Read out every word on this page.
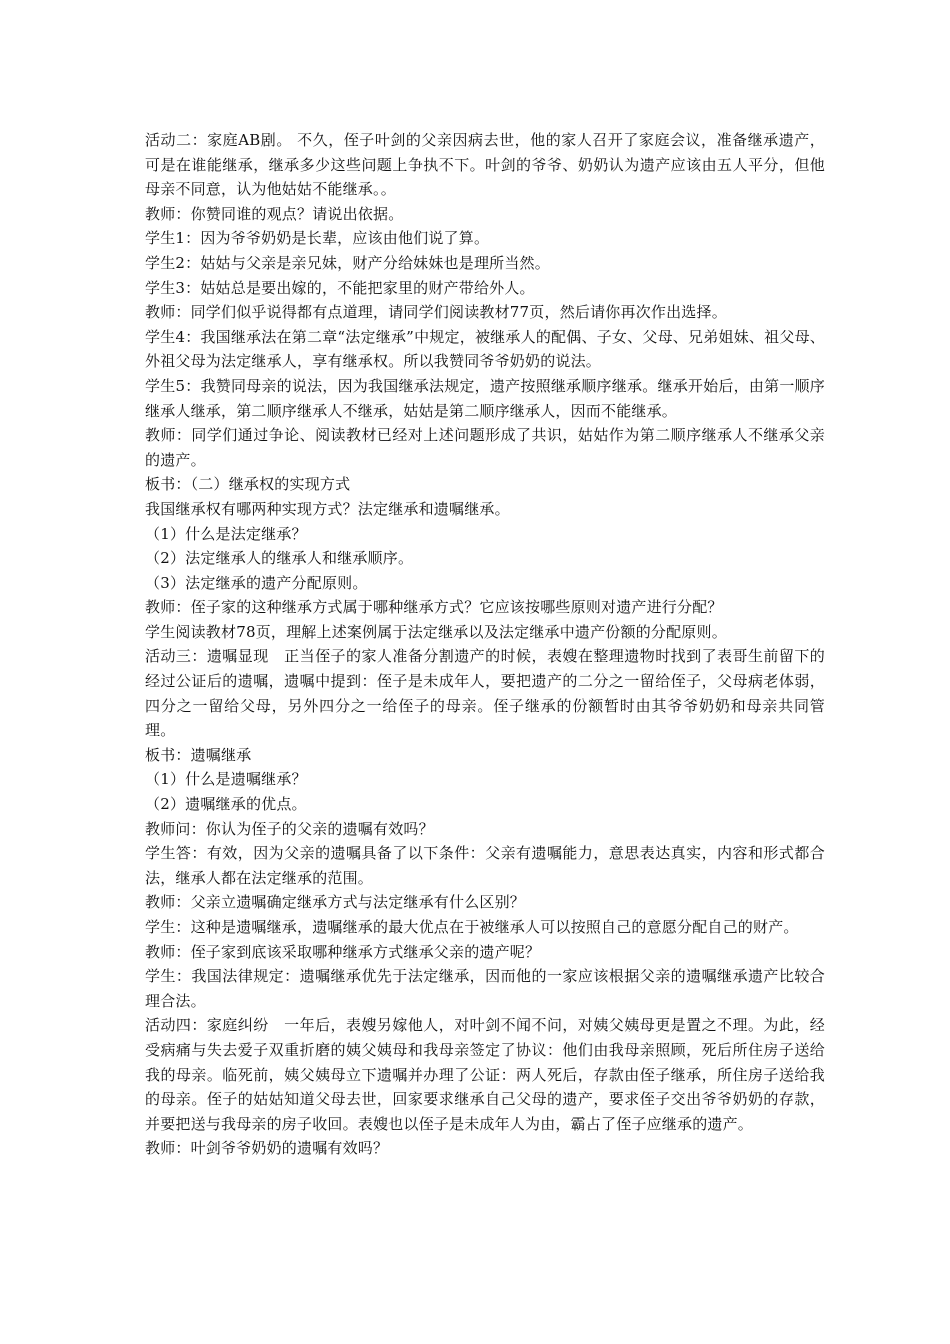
活动二：家庭AB剧。 不久，侄子叶剑的父亲因病去世，他的家人召开了家庭会议，准备继承遗产，可是在谁能继承，继承多少这些问题上争执不下。叶剑的爷爷、奶奶认为遗产应该由五人平分，但他母亲不同意，认为他姑姑不能继承。。

教师：你赞同谁的观点？请说出依据。

学生1：因为爷爷奶奶是长辈，应该由他们说了算。

学生2：姑姑与父亲是亲兄妹，财产分给妹妹也是理所当然。

学生3：姑姑总是要出嫁的，不能把家里的财产带给外人。

教师：同学们似乎说得都有点道理，请同学们阅读教材77页，然后请你再次作出选择。

学生4：我国继承法在第二章“法定继承”中规定，被继承人的配偶、子女、父母、兄弟姐妹、祖父母、外祖父母为法定继承人，享有继承权。所以我赞同爷爷奶奶的说法。

学生5：我赞同母亲的说法，因为我国继承法规定，遗产按照继承顺序继承。继承开始后，由第一顺序继承人继承，第二顺序继承人不继承，姑姑是第二顺序继承人，因而不能继承。

教师：同学们通过争论、阅读教材已经对上述问题形成了共识，姑姑作为第二顺序继承人不继承父亲的遗产。

板书：（二）继承权的实现方式

我国继承权有哪两种实现方式？法定继承和遗嘱继承。

（1）什么是法定继承？

（2）法定继承人的继承人和继承顺序。

（3）法定继承的遗产分配原则。

教师：侄子家的这种继承方式属于哪种继承方式？它应该按哪些原则对遗产进行分配？

学生阅读教材78页，理解上述案例属于法定继承以及法定继承中遗产份额的分配原则。

活动三：遗嘱显现　正当侄子的家人准备分割遗产的时候，表嫂在整理遗物时找到了表哥生前留下的经过公证后的遗嘱，遗嘱中提到：侄子是未成年人，要把遗产的二分之一留给侄子，父母病老体弱，四分之一留给父母，另外四分之一给侄子的母亲。侄子继承的份额暂时由其爷爷奶奶和母亲共同管理。

板书：遗嘱继承

（1）什么是遗嘱继承？

（2）遗嘱继承的优点。

教师问：你认为侄子的父亲的遗嘱有效吗？

学生答：有效，因为父亲的遗嘱具备了以下条件：父亲有遗嘱能力，意思表达真实，内容和形式都合法，继承人都在法定继承的范围。

教师：父亲立遗嘱确定继承方式与法定继承有什么区别？

学生：这种是遗嘱继承，遗嘱继承的最大优点在于被继承人可以按照自己的意愿分配自己的财产。

教师：侄子家到底该采取哪种继承方式继承父亲的遗产呢？

学生：我国法律规定：遗嘱继承优先于法定继承，因而他的一家应该根据父亲的遗嘱继承遗产比较合理合法。

活动四：家庭纠纷　一年后，表嫂另嫁他人，对叶剑不闻不问，对姨父姨母更是置之不理。为此，经受病痛与失去爱子双重折磨的姨父姨母和我母亲签定了协议：他们由我母亲照顾，死后所住房子送给我的母亲。临死前，姨父姨母立下遗嘱并办理了公证：两人死后，存款由侄子继承，所住房子送给我的母亲。侄子的姑姑知道父母去世，回家要求继承自己父母的遗产，要求侄子交出爷爷奶奶的存款，并要把送与我母亲的房子收回。表嫂也以侄子是未成年人为由，霸占了侄子应继承的遗产。

教师：叶剑爷爷奶奶的遗嘱有效吗？
